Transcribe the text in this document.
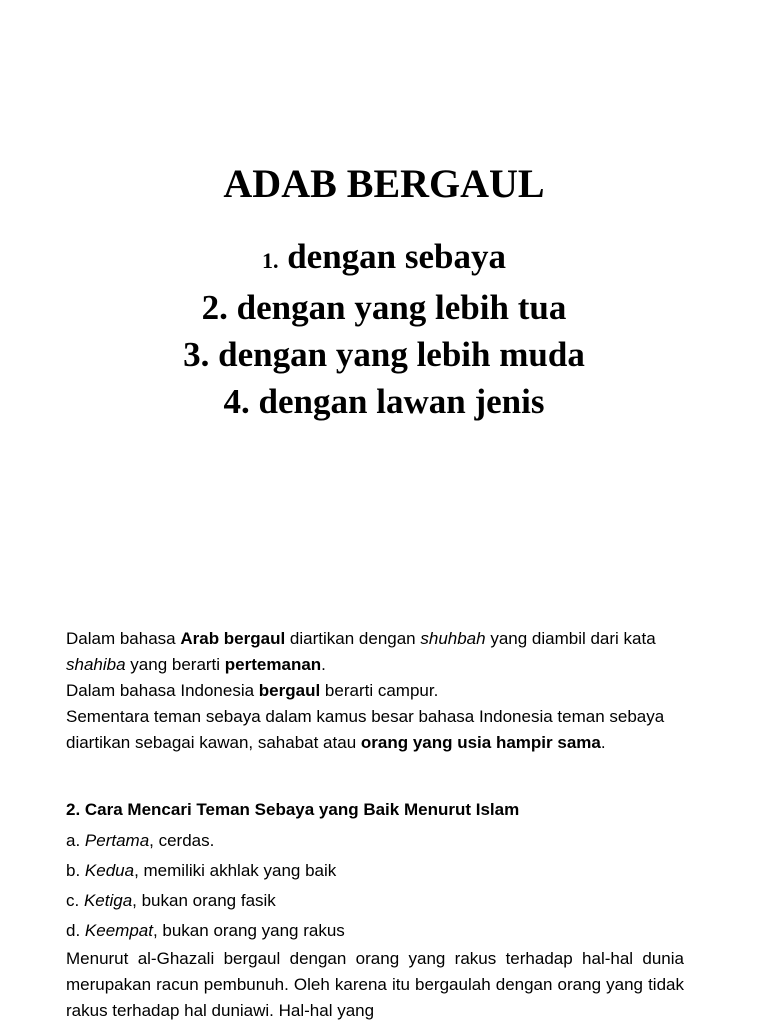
ADAB BERGAUL
1. dengan sebaya
2. dengan yang lebih tua
3. dengan yang lebih muda
4. dengan lawan jenis

Dalam bahasa Arab bergaul diartikan dengan shuhbah yang diambil dari kata shahiba yang berarti pertemanan.

Dalam bahasa Indonesia bergaul berarti campur.

Sementara teman sebaya dalam kamus besar bahasa Indonesia teman sebaya diartikan sebagai kawan, sahabat atau orang yang usia hampir sama.

2. Cara Mencari Teman Sebaya yang Baik Menurut Islam
a. Pertama, cerdas.
b. Kedua, memiliki akhlak yang baik
c. Ketiga, bukan orang fasik
d. Keempat, bukan orang yang rakus

Menurut al-Ghazali bergaul dengan orang yang rakus terhadap hal-hal dunia merupakan racun pembunuh. Oleh karena itu bergaulah dengan orang yang tidak rakus terhadap hal duniawi. Hal-hal yang
